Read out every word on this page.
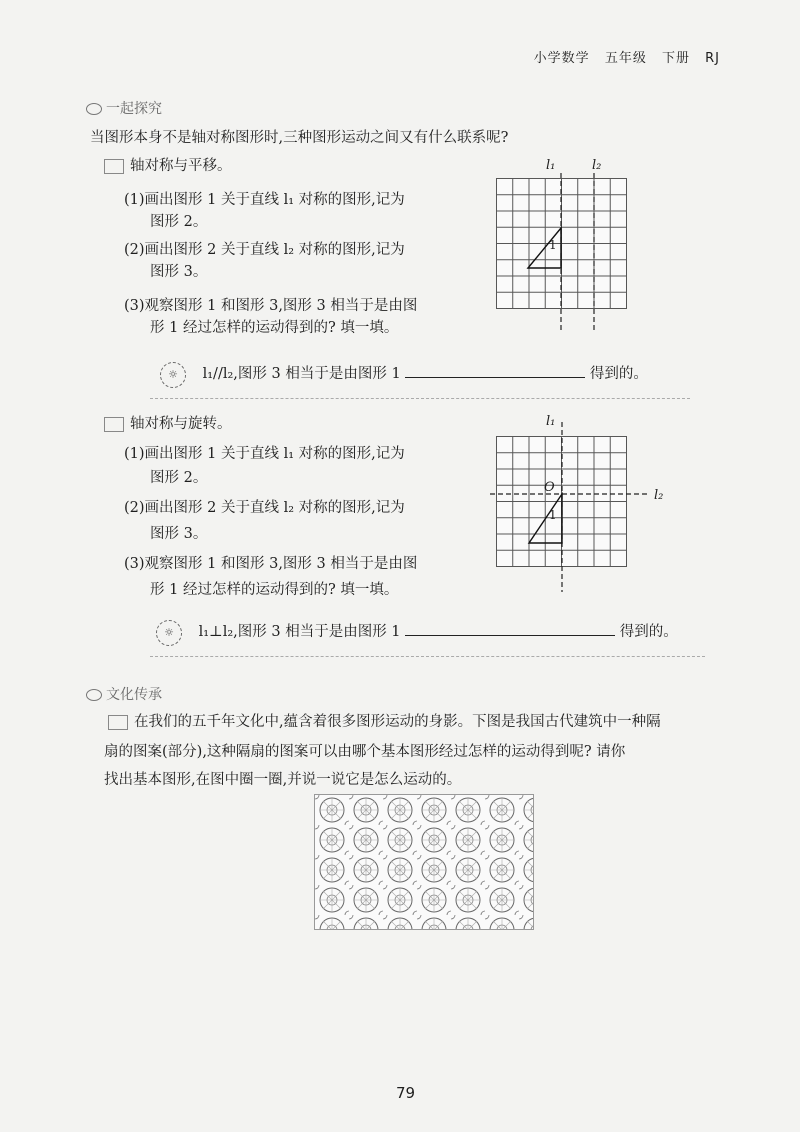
小学数学 五年级 下册 RJ
一起探究
当图形本身不是轴对称图形时,三种图形运动之间又有什么联系呢?
轴对称与平移。
(1)画出图形 1 关于直线 l₁ 对称的图形,记为
图形 2。
(2)画出图形 2 关于直线 l₂ 对称的图形,记为
图形 3。
(3)观察图形 1 和图形 3,图形 3 相当于是由图
形 1 经过怎样的运动得到的? 填一填。
l₁	l₂
1
☼ l₁//l₂,图形 3 相当于是由图形 1	得到的。
轴对称与旋转。
(1)画出图形 1 关于直线 l₁ 对称的图形,记为
图形 2。
(2)画出图形 2 关于直线 l₂ 对称的图形,记为
图形 3。
(3)观察图形 1 和图形 3,图形 3 相当于是由图
形 1 经过怎样的运动得到的? 填一填。
l₁
l₂
O
1
☼ l₁⊥l₂,图形 3 相当于是由图形 1	得到的。
文化传承
在我们的五千年文化中,蕴含着很多图形运动的身影。下图是我国古代建筑中一种隔
扇的图案(部分),这种隔扇的图案可以由哪个基本图形经过怎样的运动得到呢? 请你
找出基本图形,在图中圈一圈,并说一说它是怎么运动的。
79
